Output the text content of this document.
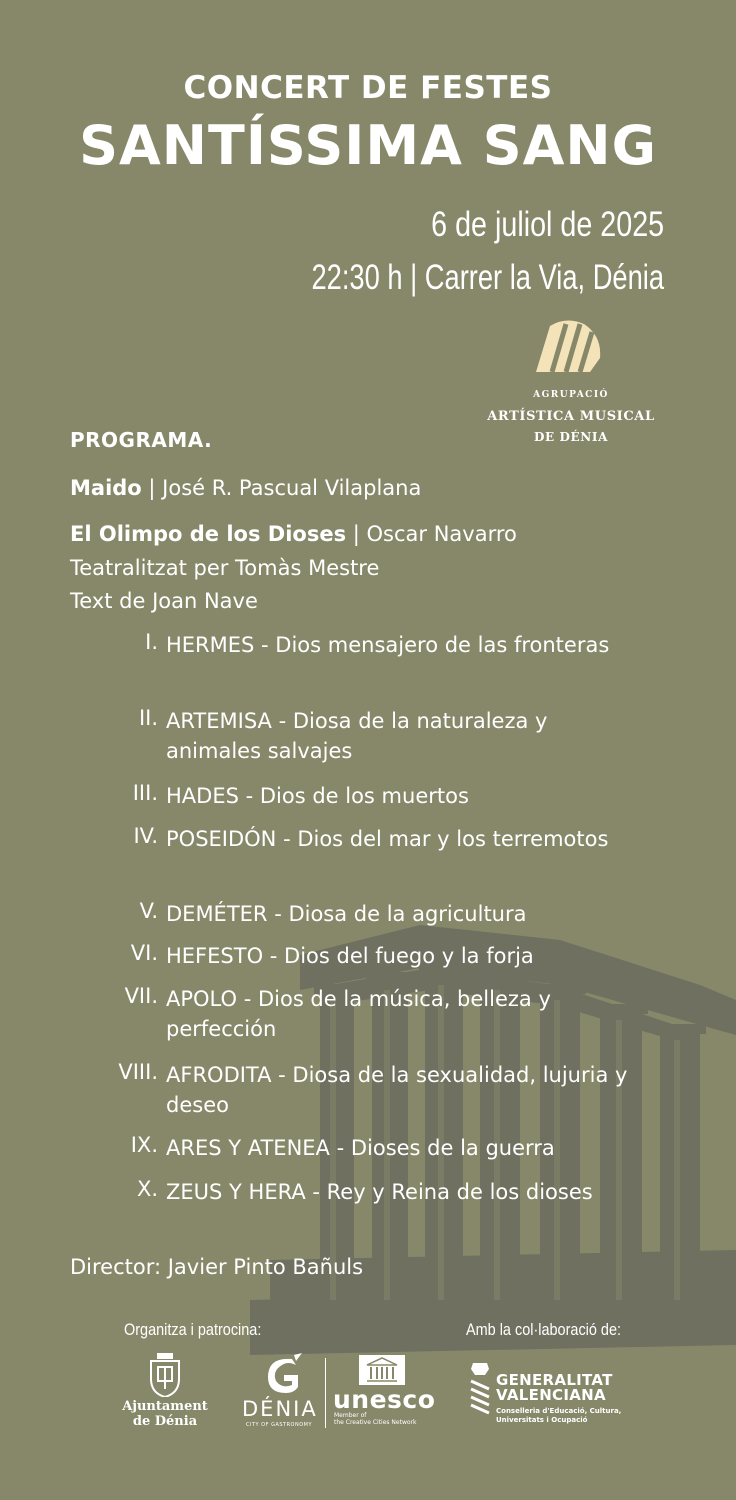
CONCERT DE FESTES
SANTÍSSIMA SANG
6 de juliol de 2025
22:30 h | Carrer la Via, Dénia
AGRUPACIÓ
ARTÍSTICA MUSICAL
DE DÉNIA
PROGRAMA.
Maido | José R. Pascual Vilaplana
El Olimpo de los Dioses | Oscar Navarro
Teatralitzat per Tomàs Mestre
Text de Joan Nave
I. HERMES - Dios mensajero de las fronteras
II. ARTEMISA - Diosa de la naturaleza y animales salvajes
III. HADES - Dios de los muertos
IV. POSEIDÓN - Dios del mar y los terremotos
V. DEMÉTER - Diosa de la agricultura
VI. HEFESTO - Dios del fuego y la forja
VII. APOLO - Dios de la música, belleza y perfección
VIII. AFRODITA - Diosa de la sexualidad, lujuria y deseo
IX. ARES Y ATENEA - Dioses de la guerra
X. ZEUS Y HERA - Rey y Reina de los dioses
Director: Javier Pinto Bañuls
Organitza i patrocina:	Amb la col·laboració de:
Ajuntament
de Dénia
DÉNIA
CITY OF GASTRONOMY
unesco
Member of
the Creative Cities Network
GENERALITAT
VALENCIANA
Conselleria d'Educació, Cultura,
Universitats i Ocupació
